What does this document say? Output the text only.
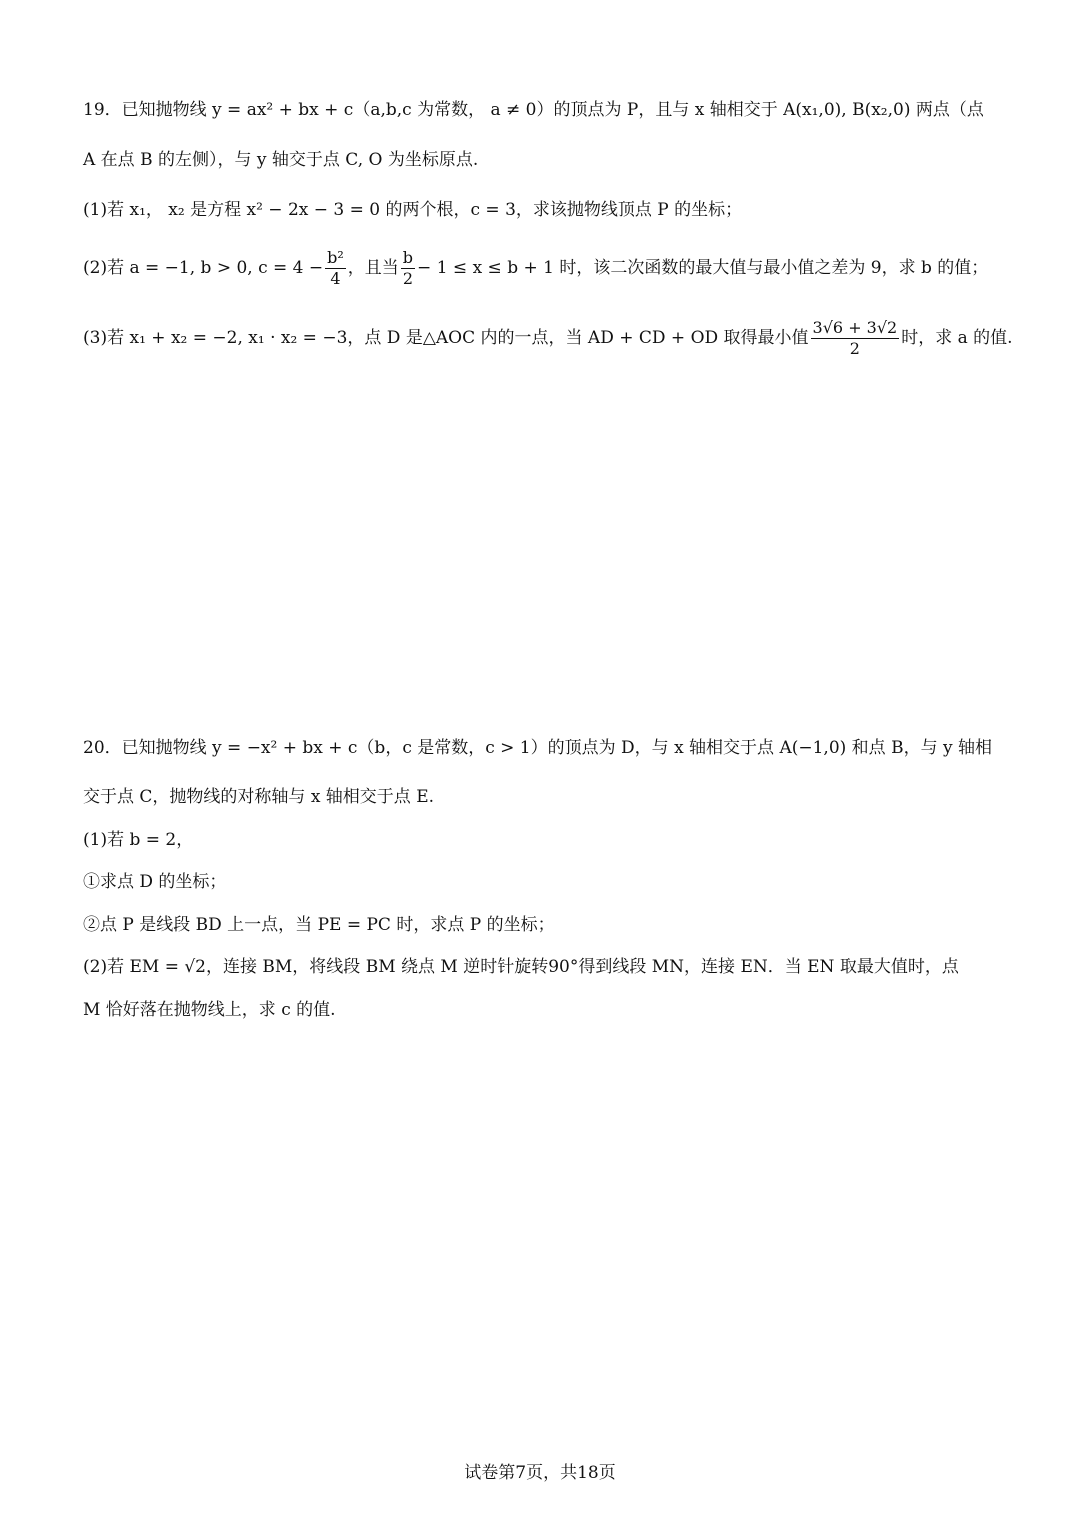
19．已知抛物线 y = ax² + bx + c（a,b,c 为常数， a ≠ 0）的顶点为 P，且与 x 轴相交于 A(x₁,0), B(x₂,0) 两点（点
A 在点 B 的左侧），与 y 轴交于点 C, O 为坐标原点.
(1)若 x₁， x₂ 是方程 x² − 2x − 3 = 0 的两个根，c = 3，求该抛物线顶点 P 的坐标；
(2)若 a = −1, b > 0, $c = 4 - \frac{\text{b²}}{4}$ ，且当 $\frac{b}{2} - 1 \le x \le b + 1$ 时，该二次函数的最大值与最小值之差为 9，求 b 的值；
(3)若 x₁ + x₂ = −2, x₁ · x₂ = −3，点 D 是△AOC 内的一点，当 AD + CD + OD 取得最小值 $\frac{3√6 + 3√2}{2}$ 时，求 a 的值.
20．已知抛物线 y = −x² + bx + c（b，c 是常数，c > 1）的顶点为 D，与 x 轴相交于点 A(−1,0) 和点 B，与 y 轴相
交于点 C，抛物线的对称轴与 x 轴相交于点 E.
(1)若 b = 2，
①求点 D 的坐标；
②点 P 是线段 BD 上一点，当 PE = PC 时，求点 P 的坐标；
(2)若 EM = √2，连接 BM，将线段 BM 绕点 M 逆时针旋转90°得到线段 MN，连接 EN．当 EN 取最大值时，点
M 恰好落在抛物线上，求 c 的值.
试卷第7页，共18页
